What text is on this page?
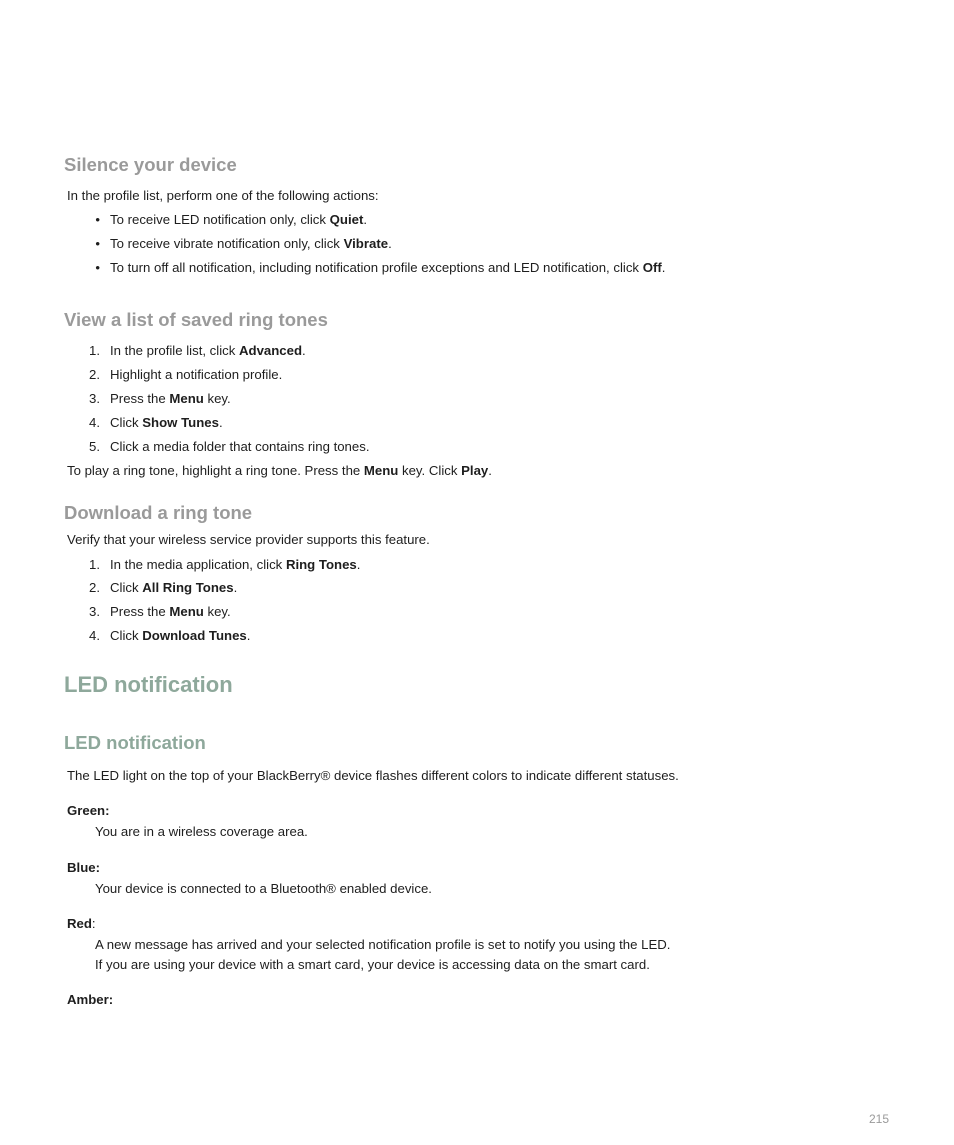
Silence your device

In the profile list, perform one of the following actions:

• To receive LED notification only, click Quiet.
• To receive vibrate notification only, click Vibrate.
• To turn off all notification, including notification profile exceptions and LED notification, click Off.
View a list of saved ring tones
1. In the profile list, click Advanced.
2. Highlight a notification profile.
3. Press the Menu key.
4. Click Show Tunes.
5. Click a media folder that contains ring tones.

To play a ring tone, highlight a ring tone. Press the Menu key. Click Play.

Download a ring tone

Verify that your wireless service provider supports this feature.

1. In the media application, click Ring Tones.
2. Click All Ring Tones.
3. Press the Menu key.
4. Click Download Tunes.
LED notification
LED notification

The LED light on the top of your BlackBerry® device flashes different colors to indicate different statuses.

Green:
You are in a wireless coverage area.
Blue:
Your device is connected to a Bluetooth® enabled device.
Red:
A new message has arrived and your selected notification profile is set to notify you using the LED.
If you are using your device with a smart card, your device is accessing data on the smart card.
Amber:
215
